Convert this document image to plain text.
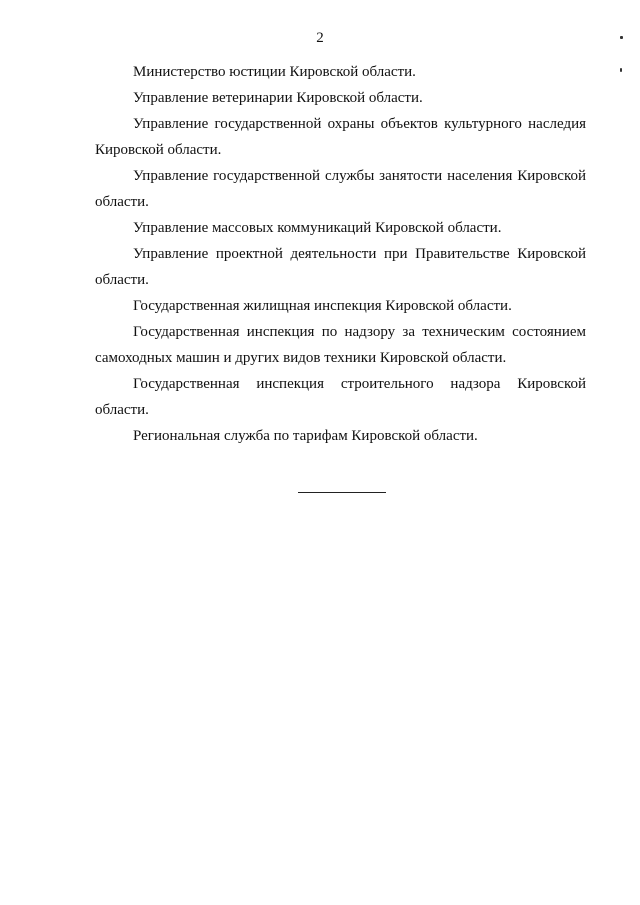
2

Министерство юстиции Кировской области.

Управление ветеринарии Кировской области.

Управление государственной охраны объектов культурного наследия Кировской области.

Управление государственной службы занятости населения Кировской области.

Управление массовых коммуникаций Кировской области.

Управление проектной деятельности при Правительстве Кировской области.

Государственная жилищная инспекция Кировской области.

Государственная инспекция по надзору за техническим состоянием самоходных машин и других видов техники Кировской области.

Государственная инспекция строительного надзора Кировской области.

Региональная служба по тарифам Кировской области.
